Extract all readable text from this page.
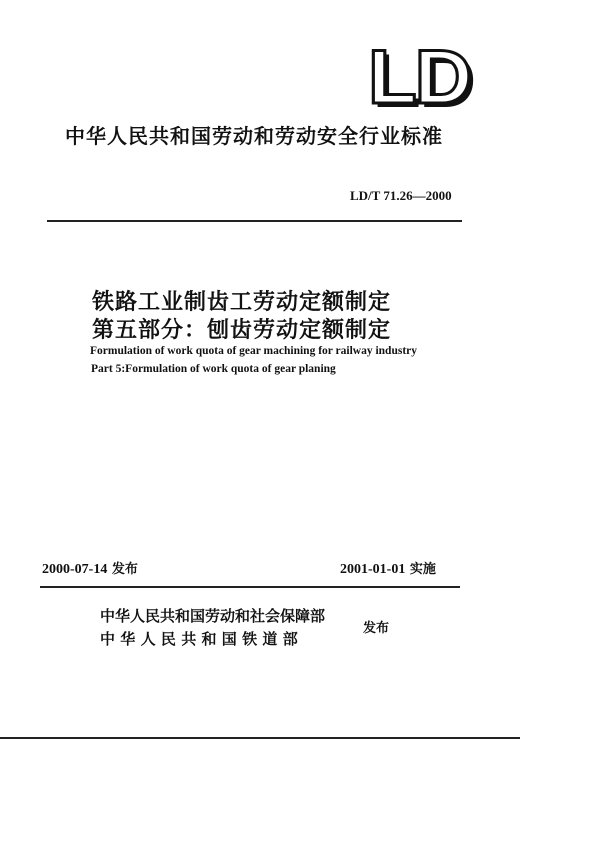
LD
中华人民共和国劳动和劳动安全行业标准
LD/T 71.26—2000
铁路工业制齿工劳动定额制定
第五部分：刨齿劳动定额制定
Formulation of work quota of gear machining for railway industry
Part 5:Formulation of work quota of gear planing
2000-07-14 发布	2001-01-01 实施
中华人民共和国劳动和社会保障部
中华人民共和国铁道部
发布
